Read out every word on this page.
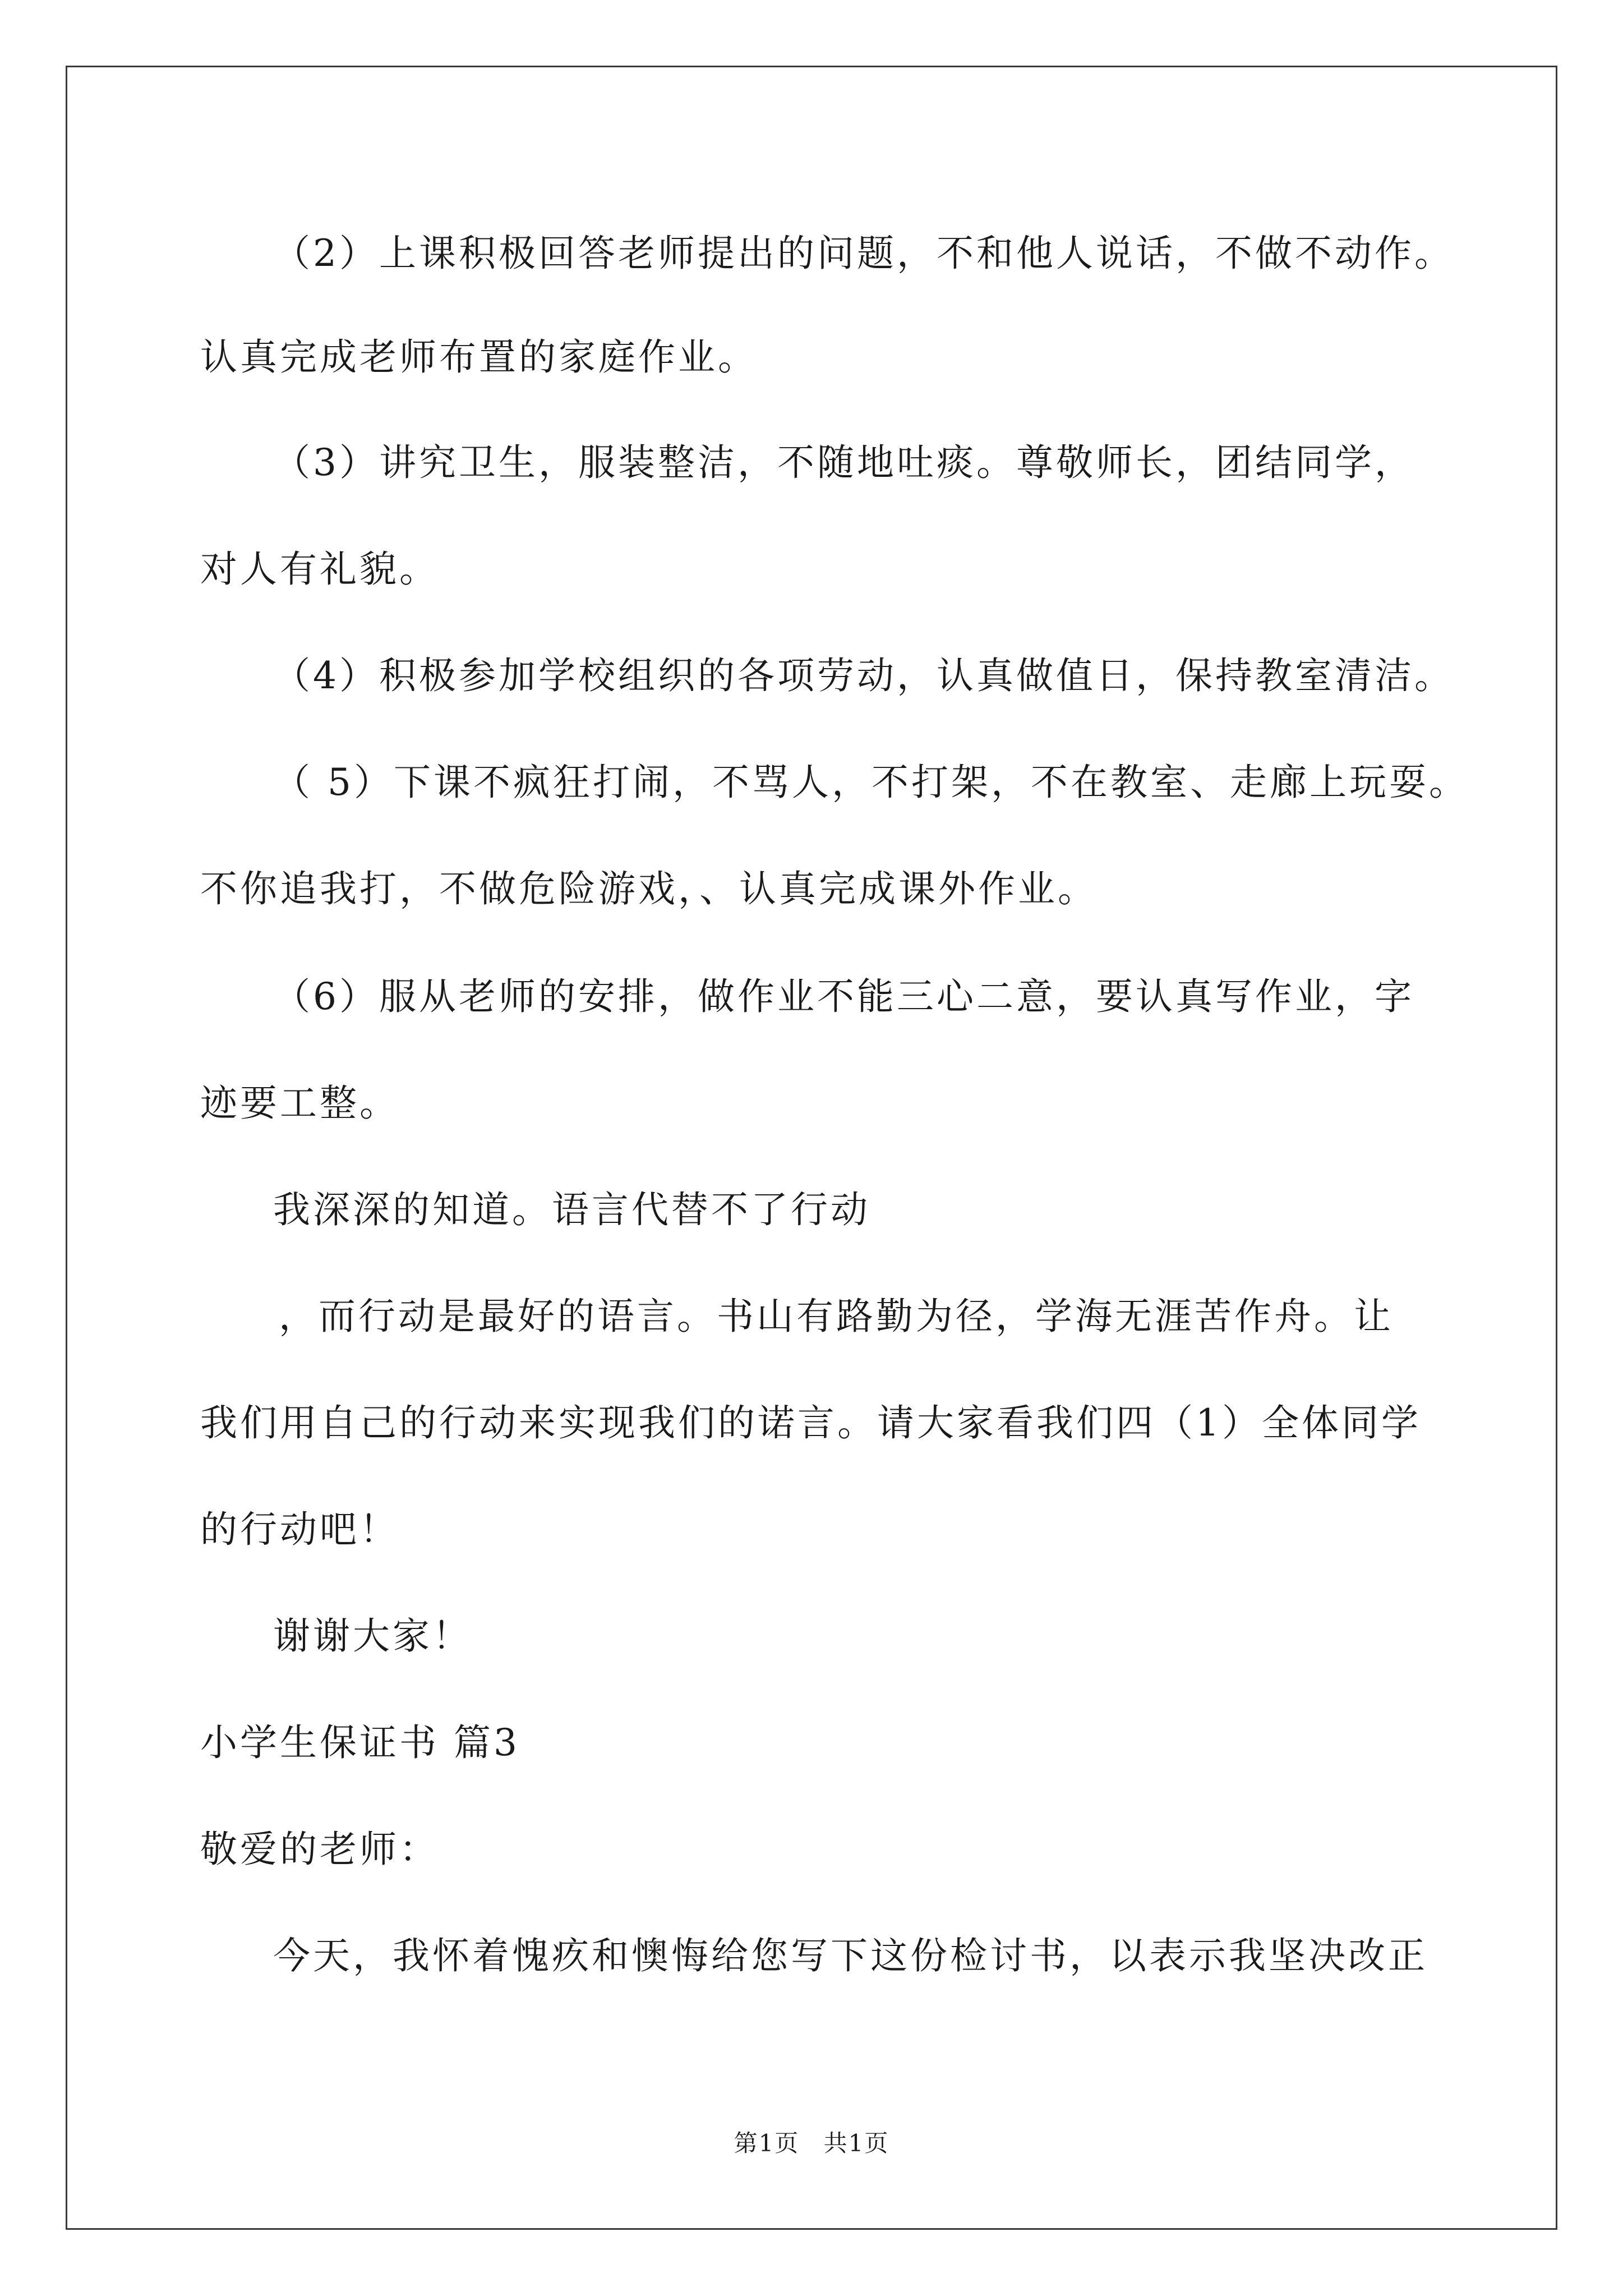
（2）上课积极回答老师提出的问题，不和他人说话，不做不动作。
认真完成老师布置的家庭作业。
（3）讲究卫生，服装整洁，不随地吐痰。尊敬师长，团结同学，
对人有礼貌。
（4）积极参加学校组织的各项劳动，认真做值日，保持教室清洁。
（ 5）下课不疯狂打闹，不骂人，不打架，不在教室、走廊上玩耍。
不你追我打，不做危险游戏，、认真完成课外作业。
（6）服从老师的安排，做作业不能三心二意，要认真写作业，字
迹要工整。
我深深的知道。语言代替不了行动
，而行动是最好的语言。书山有路勤为径，学海无涯苦作舟。让
我们用自己的行动来实现我们的诺言。请大家看我们四（1）全体同学
的行动吧！
谢谢大家！
小学生保证书 篇3
敬爱的老师：
今天，我怀着愧疚和懊悔给您写下这份检讨书，以表示我坚决改正
第1页 共1页
